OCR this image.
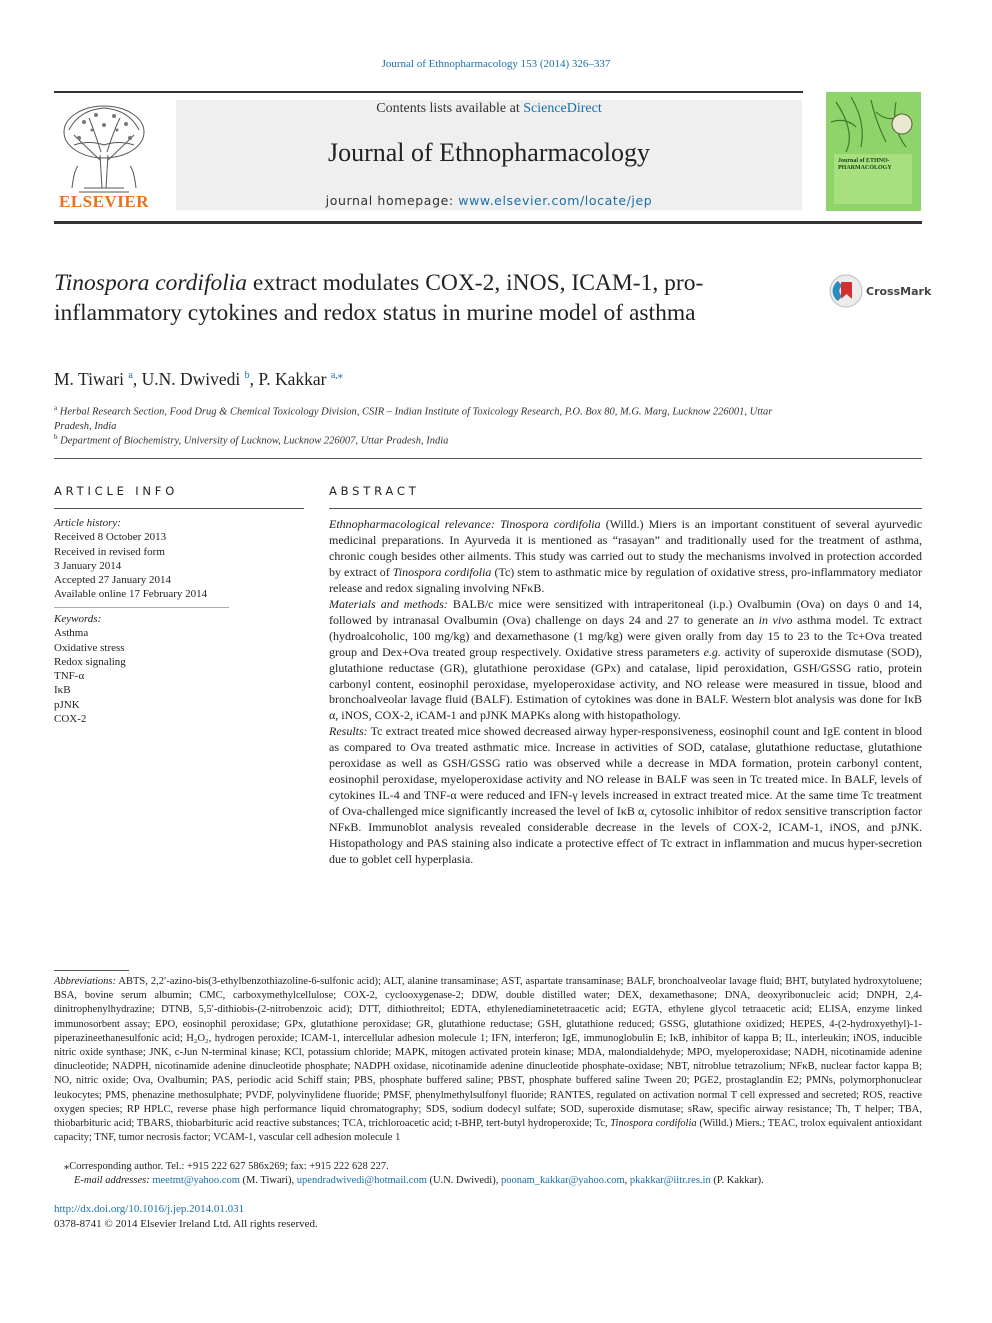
Journal of Ethnopharmacology 153 (2014) 326–337
ELSEVIER
Contents lists available at ScienceDirect
Journal of Ethnopharmacology
journal homepage: www.elsevier.com/locate/jep
Journal of ETHNO-PHARMACOLOGY
Tinospora cordifolia extract modulates COX-2, iNOS, ICAM-1, pro-inflammatory cytokines and redox status in murine model of asthma
CrossMark
M. Tiwari $^a$, U.N. Dwivedi $^b$, P. Kakkar $^{a,⁎}$
$^a$ Herbal Research Section, Food Drug & Chemical Toxicology Division, CSIR – Indian Institute of Toxicology Research, P.O. Box 80, M.G. Marg, Lucknow 226001, Uttar Pradesh, India
$^b$ Department of Biochemistry, University of Lucknow, Lucknow 226007, Uttar Pradesh, India
ARTICLE INFO
Article history:
Received 8 October 2013
Received in revised form
3 January 2014
Accepted 27 January 2014
Available online 17 February 2014
Keywords:
Asthma
Oxidative stress
Redox signaling
TNF-α
IκB
pJNK
COX-2
ABSTRACT

Ethnopharmacological relevance: Tinospora cordifolia (Willd.) Miers is an important constituent of several ayurvedic medicinal preparations. In Ayurveda it is mentioned as “rasayan” and traditionally used for the treatment of asthma, chronic cough besides other ailments. This study was carried out to study the mechanisms involved in protection accorded by extract of Tinospora cordifolia (Tc) stem to asthmatic mice by regulation of oxidative stress, pro-inflammatory mediator release and redox signaling involving NFκB.

Materials and methods: BALB/c mice were sensitized with intraperitoneal (i.p.) Ovalbumin (Ova) on days 0 and 14, followed by intranasal Ovalbumin (Ova) challenge on days 24 and 27 to generate an in vivo asthma model. Tc extract (hydroalcoholic, 100 mg/kg) and dexamethasone (1 mg/kg) were given orally from day 15 to 23 to the Tc+Ova treated group and Dex+Ova treated group respectively. Oxidative stress parameters e.g. activity of superoxide dismutase (SOD), glutathione reductase (GR), glutathione peroxidase (GPx) and catalase, lipid peroxidation, GSH/GSSG ratio, protein carbonyl content, eosinophil peroxidase, myeloperoxidase activity, and NO release were measured in tissue, blood and bronchoalveolar lavage fluid (BALF). Estimation of cytokines was done in BALF. Western blot analysis was done for IκB α, iNOS, COX-2, iCAM-1 and pJNK MAPKs along with histopathology.

Results: Tc extract treated mice showed decreased airway hyper-responsiveness, eosinophil count and IgE content in blood as compared to Ova treated asthmatic mice. Increase in activities of SOD, catalase, glutathione reductase, glutathione peroxidase as well as GSH/GSSG ratio was observed while a decrease in MDA formation, protein carbonyl content, eosinophil peroxidase, myeloperoxidase activity and NO release in BALF was seen in Tc treated mice. In BALF, levels of cytokines IL-4 and TNF-α were reduced and IFN-γ levels increased in extract treated mice. At the same time Tc treatment of Ova-challenged mice significantly increased the level of IκB α, cytosolic inhibitor of redox sensitive transcription factor NFκB. Immunoblot analysis revealed considerable decrease in the levels of COX-2, ICAM-1, iNOS, and pJNK. Histopathology and PAS staining also indicate a protective effect of Tc extract in inflammation and mucus hyper-secretion due to goblet cell hyperplasia.

Abbreviations: ABTS, 2,2′-azino-bis(3-ethylbenzothiazoline-6-sulfonic acid); ALT, alanine transaminase; AST, aspartate transaminase; BALF, bronchoalveolar lavage fluid; BHT, butylated hydroxytoluene; BSA, bovine serum albumin; CMC, carboxymethylcellulose; COX-2, cyclooxygenase-2; DDW, double distilled water; DEX, dexamethasone; DNA, deoxyribonucleic acid; DNPH, 2,4-dinitrophenylhydrazine; DTNB, 5,5′-dithiobis-(2-nitrobenzoic acid); DTT, dithiothreitol; EDTA, ethylenediaminetetraacetic acid; EGTA, ethylene glycol tetraacetic acid; ELISA, enzyme linked immunosorbent assay; EPO, eosinophil peroxidase; GPx, glutathione peroxidase; GR, glutathione reductase; GSH, glutathione reduced; GSSG, glutathione oxidized; HEPES, 4-(2-hydroxyethyl)-1-piperazineethanesulfonic acid; H₂O₂, hydrogen peroxide; ICAM-1, intercellular adhesion molecule 1; IFN, interferon; IgE, immunoglobulin E; IκB, inhibitor of kappa B; IL, interleukin; iNOS, inducible nitric oxide synthase; JNK, c-Jun N-terminal kinase; KCl, potassium chloride; MAPK, mitogen activated protein kinase; MDA, malondialdehyde; MPO, myeloperoxidase; NADH, nicotinamide adenine dinucleotide; NADPH, nicotinamide adenine dinucleotide phosphate; NADPH oxidase, nicotinamide adenine dinucleotide phosphate-oxidase; NBT, nitroblue tetrazolium; NFκB, nuclear factor kappa B; NO, nitric oxide; Ova, Ovalbumin; PAS, periodic acid Schiff stain; PBS, phosphate buffered saline; PBST, phosphate buffered saline Tween 20; PGE2, prostaglandin E2; PMNs, polymorphonuclear leukocytes; PMS, phenazine methosulphate; PVDF, polyvinylidene fluoride; PMSF, phenylmethylsulfonyl fluoride; RANTES, regulated on activation normal T cell expressed and secreted; ROS, reactive oxygen species; RP HPLC, reverse phase high performance liquid chromatography; SDS, sodium dodecyl sulfate; SOD, superoxide dismutase; sRaw, specific airway resistance; Th, T helper; TBA, thiobarbituric acid; TBARS, thiobarbituric acid reactive substances; TCA, trichloroacetic acid; t-BHP, tert-butyl hydroperoxide; Tc, Tinospora cordifolia (Willd.) Miers.; TEAC, trolox equivalent antioxidant capacity; TNF, tumor necrosis factor; VCAM-1, vascular cell adhesion molecule 1

⁎Corresponding author. Tel.: +915 222 627 586x269; fax: +915 222 628 227.
E-mail addresses: meetmt@yahoo.com (M. Tiwari), upendradwivedi@hotmail.com (U.N. Dwivedi), poonam_kakkar@yahoo.com, pkakkar@iitr.res.in (P. Kakkar).
http://dx.doi.org/10.1016/j.jep.2014.01.031
0378-8741 © 2014 Elsevier Ireland Ltd. All rights reserved.
